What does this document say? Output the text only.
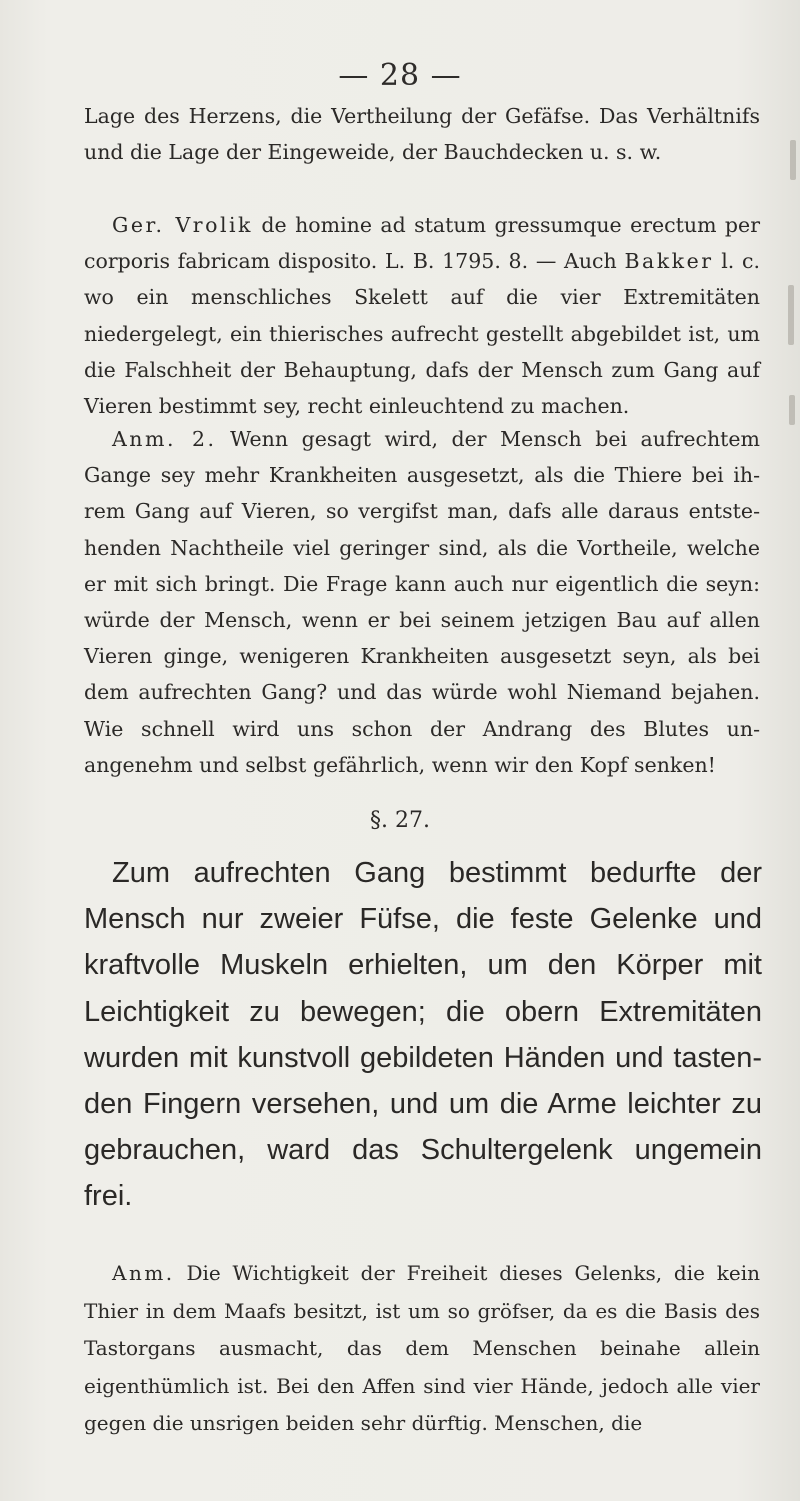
— 28 —

Lage des Herzens, die Vertheilung der Gefäfse. Das Verhältnifs und die Lage der Eingeweide, der Bauchdecken u. s. w.

Ger. Vrolik de homine ad statum gressumque erectum per corporis fabricam disposito. L. B. 1795. 8. — Auch Bakker l. c. wo ein menschliches Skelett auf die vier Extremitäten niedergelegt, ein thierisches aufrecht gestellt abgebildet ist, um die Falschheit der Behauptung, dafs der Mensch zum Gang auf Vieren bestimmt sey, recht einleuchtend zu machen.

Anm. 2. Wenn gesagt wird, der Mensch bei aufrechtem Gange sey mehr Krankheiten ausgesetzt, als die Thiere bei ihrem Gang auf Vieren, so vergifst man, dafs alle daraus entstehenden Nachtheile viel geringer sind, als die Vortheile, welche er mit sich bringt. Die Frage kann auch nur eigentlich die seyn: würde der Mensch, wenn er bei seinem jetzigen Bau auf allen Vieren ginge, wenigeren Krankheiten ausgesetzt seyn, als bei dem aufrechten Gang? und das würde wohl Niemand bejahen. Wie schnell wird uns schon der Andrang des Blutes unangenehm und selbst gefährlich, wenn wir den Kopf senken!

§. 27.

Zum aufrechten Gang bestimmt bedurfte der Mensch nur zweier Füfse, die feste Gelenke und kraftvolle Muskeln erhielten, um den Körper mit Leichtigkeit zu bewegen; die obern Extremitäten wurden mit kunstvoll gebildeten Händen und tastenden Fingern versehen, und um die Arme leichter zu gebrauchen, ward das Schultergelenk ungemein frei.

Anm. Die Wichtigkeit der Freiheit dieses Gelenks, die kein Thier in dem Maafs besitzt, ist um so gröfser, da es die Basis des Tastorgans ausmacht, das dem Menschen beinahe allein eigenthümlich ist. Bei den Affen sind vier Hände, jedoch alle vier gegen die unsrigen beiden sehr dürftig. Menschen, die
